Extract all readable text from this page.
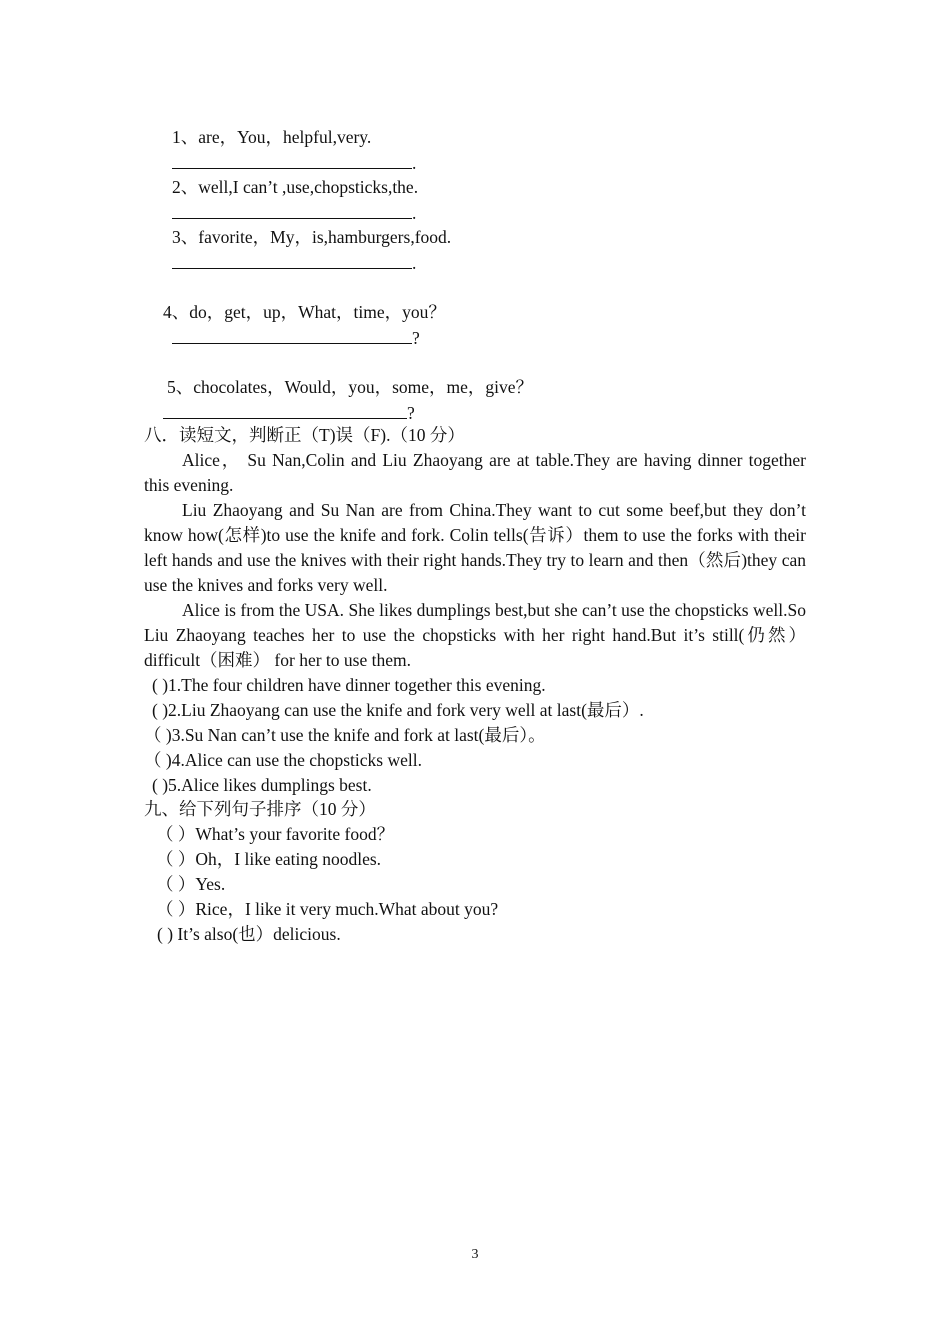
1、are，You，helpful,very.
.
2、well,I can’t ,use,chopsticks,the.
.
3、favorite，My，is,hamburgers,food.
.
4、do，get，up，What，time，you？
?
5、chocolates，Would，you，some，me，give？
?
八．读短文，判断正（T)误（F).（10 分）
Alice， Su Nan,Colin and Liu Zhaoyang are at table.They are having dinner together this evening.
Liu Zhaoyang and Su Nan are from China.They want to cut some beef,but they don’t know how(怎样)to use the knife and fork. Colin tells(告诉）them to use the forks with their left hands and use the knives with their right hands.They try to learn and then（然后)they can use the knives and forks very well.
Alice is from the USA. She likes dumplings best,but she can’t use the chopsticks well.So Liu Zhaoyang teaches her to use the chopsticks with her right hand.But it’s still(仍然）difficult（困难） for her to use them.
( )1.The four children have dinner together this evening.
( )2.Liu Zhaoyang can use the knife and fork very well at last(最后）.
（ )3.Su Nan can’t use the knife and fork at last(最后）。
（ )4.Alice can use the chopsticks well.
( )5.Alice likes dumplings best.
九、给下列句子排序（10 分）
（ ）What’s your favorite food？
（ ）Oh，I like eating noodles.
（ ）Yes.
（ ）Rice，I like it very much.What about you?
( ) It’s also(也）delicious.
3
